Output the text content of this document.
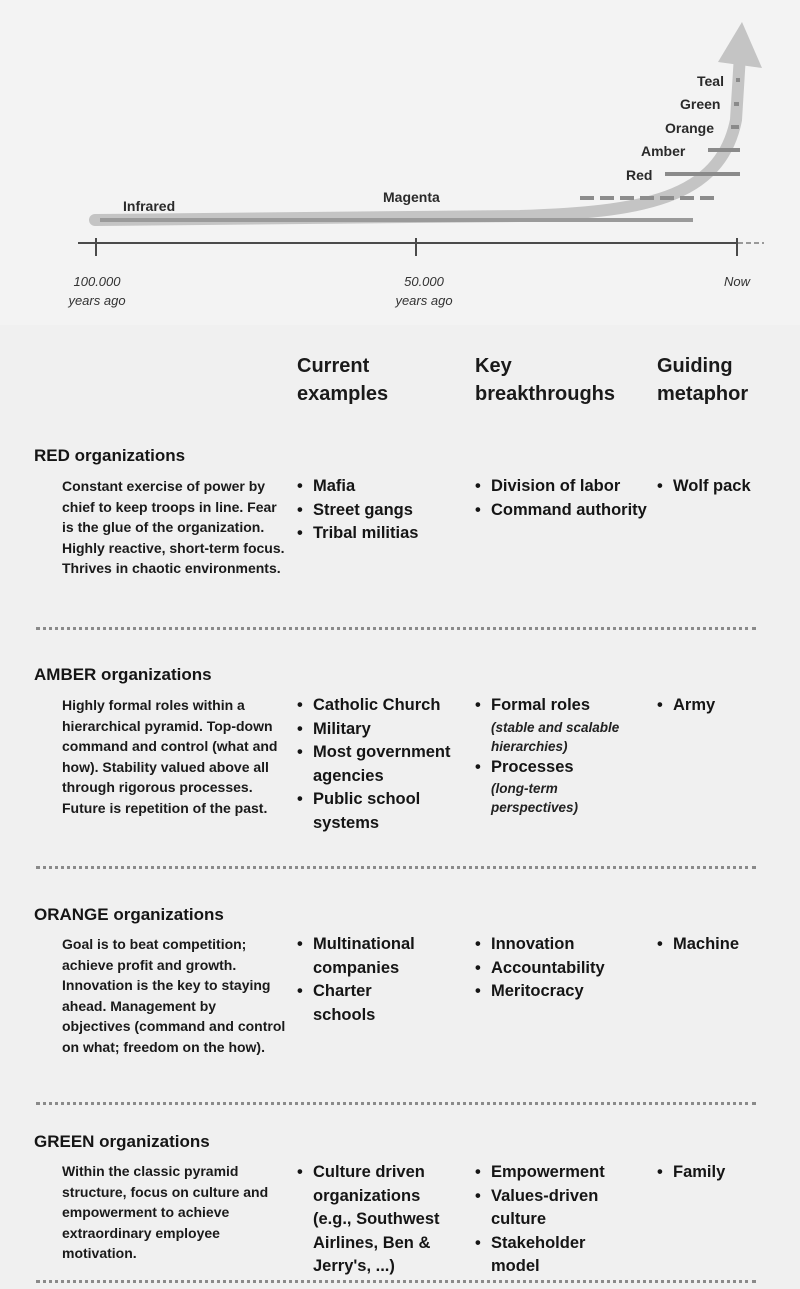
Infrared
Magenta
Red
Amber
Orange
Green
Teal
100.000
years ago
50.000
years ago
Now
Current
examples
Key
breakthroughs
Guiding
metaphor
RED organizations
Constant exercise of power by chief to keep troops in line. Fear is the glue of the organization. Highly reactive, short-term focus. Thrives in chaotic environments.
• Mafia
• Street gangs
• Tribal militias
• Division of labor
• Command authority
• Wolf pack
AMBER organizations
Highly formal roles within a hierarchical pyramid. Top-down command and control (what and how). Stability valued above all through rigorous processes. Future is repetition of the past.
• Catholic Church
• Military
• Most government agencies
• Public school systems
• Formal roles
(stable and scalable hierarchies)
• Processes
(long-term perspectives)
• Army
ORANGE organizations
Goal is to beat competition; achieve profit and growth. Innovation is the key to staying ahead. Management by objectives (command and control on what; freedom on the how).
• Multinational companies
• Charter schools
• Innovation
• Accountability
• Meritocracy
• Machine
GREEN organizations
Within the classic pyramid structure, focus on culture and empowerment to achieve extraordinary employee motivation.
• Culture driven organizations (e.g., Southwest Airlines, Ben & Jerry's, ...)
• Empowerment
• Values-driven culture
• Stakeholder model
• Family
